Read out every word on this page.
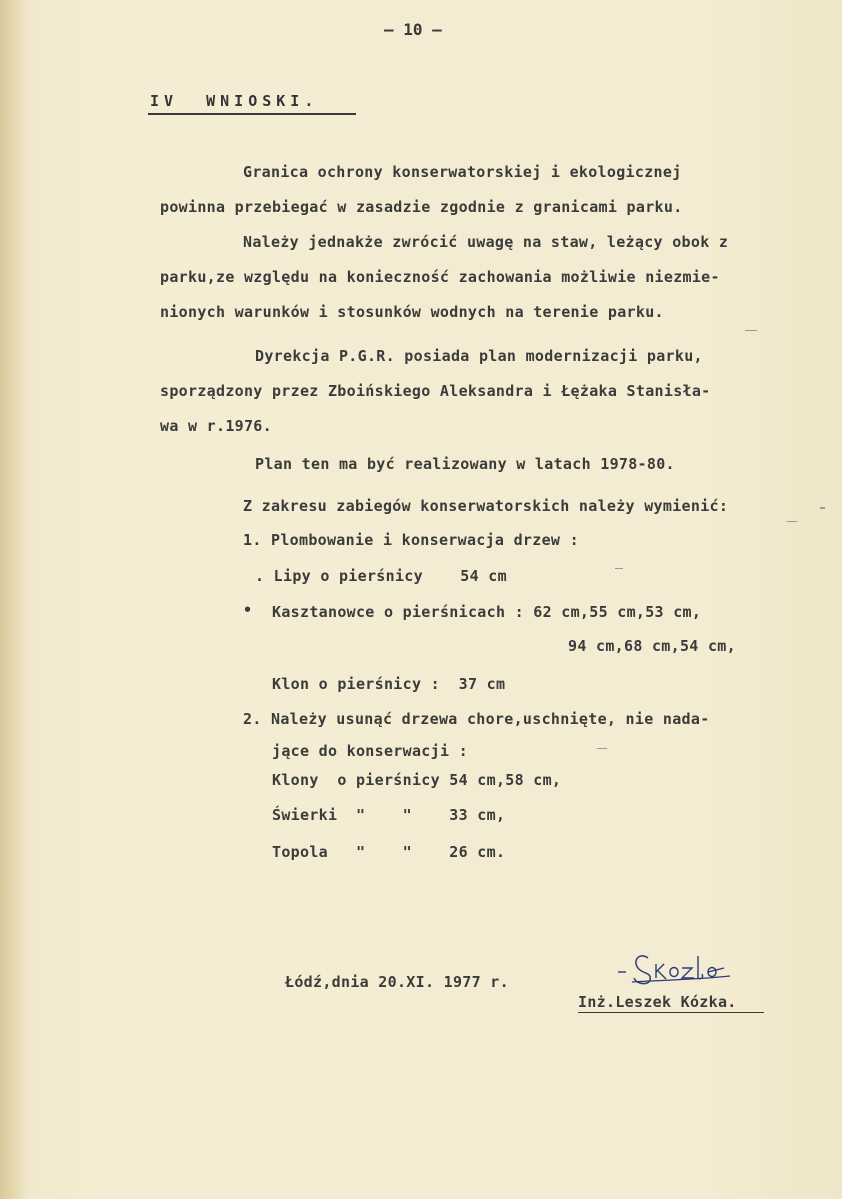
— 10 —
IV  WNIOSKI.
Granica ochrony konserwatorskiej i ekologicznej
powinna przebiegać w zasadzie zgodnie z granicami parku.
Należy jednakże zwrócić uwagę na staw, leżący obok z
parku,ze względu na konieczność zachowania możliwie niezmie-
nionych warunków i stosunków wodnych na terenie parku.
Dyrekcja P.G.R. posiada plan modernizacji parku,
sporządzony przez Zboińskiego Aleksandra i Łężaka Stanisła-
wa w r.1976.
Plan ten ma być realizowany w latach 1978-80.
Z zakresu zabiegów konserwatorskich należy wymienić:
1. Plombowanie i konserwacja drzew :
. Lipy o pierśnicy    54 cm
• Kasztanowce o pierśnicach : 62 cm,55 cm,53 cm,
94 cm,68 cm,54 cm,
Klon o pierśnicy :  37 cm
2. Należy usunąć drzewa chore,uschnięte, nie nada-
jące do konserwacji :
Klony  o pierśnicy 54 cm,58 cm,
Świerki  "    "    33 cm,
Topola   "    "    26 cm.
Łódź,dnia 20.XI. 1977 r.
Inż.Leszek Kózka.
